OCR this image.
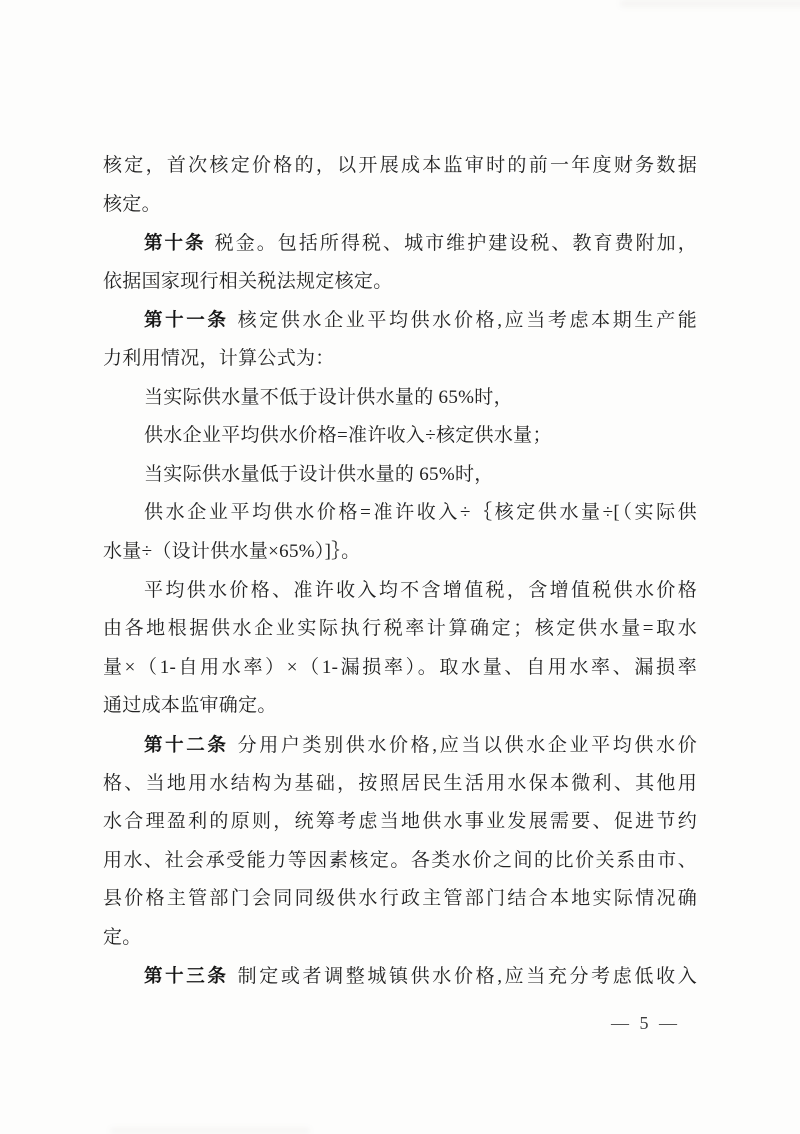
核定，首次核定价格的，以开展成本监审时的前一年度财务数据
核定。
第十条 税金。包括所得税、城市维护建设税、教育费附加，
依据国家现行相关税法规定核定。
第十一条 核定供水企业平均供水价格,应当考虑本期生产能
力利用情况，计算公式为：
当实际供水量不低于设计供水量的 65%时，
供水企业平均供水价格=准许收入÷核定供水量；
当实际供水量低于设计供水量的 65%时，
供水企业平均供水价格=准许收入÷｛核定供水量÷[（实际供
水量÷（设计供水量×65%）]｝。
平均供水价格、准许收入均不含增值税，含增值税供水价格
由各地根据供水企业实际执行税率计算确定；核定供水量=取水
量×（1-自用水率）×（1-漏损率）。取水量、自用水率、漏损率
通过成本监审确定。
第十二条 分用户类别供水价格,应当以供水企业平均供水价
格、当地用水结构为基础，按照居民生活用水保本微利、其他用
水合理盈利的原则，统筹考虑当地供水事业发展需要、促进节约
用水、社会承受能力等因素核定。各类水价之间的比价关系由市、
县价格主管部门会同同级供水行政主管部门结合本地实际情况确
定。
第十三条 制定或者调整城镇供水价格,应当充分考虑低收入
— 5 —
